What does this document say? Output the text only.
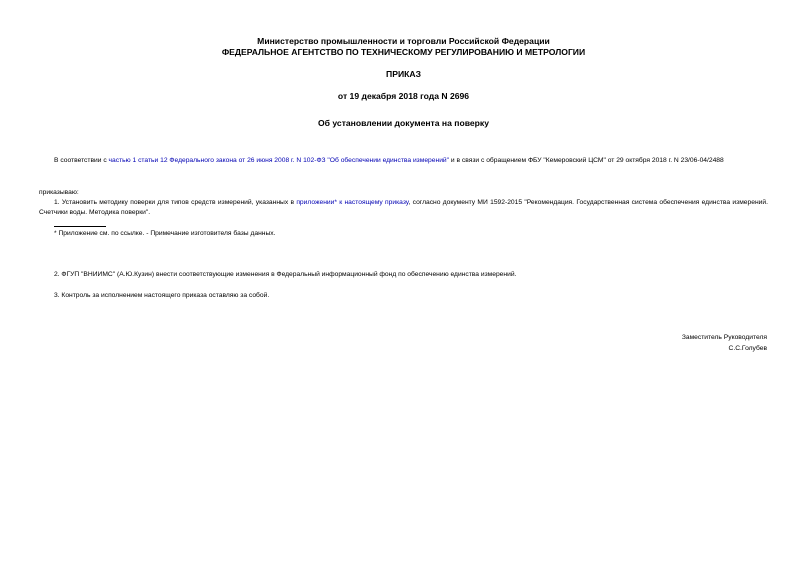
Министерство промышленности и торговли Российской Федерации
ФЕДЕРАЛЬНОЕ АГЕНТСТВО ПО ТЕХНИЧЕСКОМУ РЕГУЛИРОВАНИЮ И МЕТРОЛОГИИ
ПРИКАЗ
от 19 декабря 2018 года N 2696
Об установлении документа на поверку
В соответствии с частью 1 статьи 12 Федерального закона от 26 июня 2008 г. N 102-ФЗ "Об обеспечении единства измерений" и в связи с обращением ФБУ "Кемеровский ЦСМ" от 29 октября 2018 г. N 23/06-04/2488
приказываю:
1. Установить методику поверки для типов средств измерений, указанных в приложении* к настоящему приказу, согласно документу МИ 1592-2015 "Рекомендация. Государственная система обеспечения единства измерений. Счетчики воды. Методика поверки".
* Приложение см. по ссылке. - Примечание изготовителя базы данных.
2. ФГУП "ВНИИМС" (А.Ю.Кузин) внести соответствующие изменения в Федеральный информационный фонд по обеспечению единства измерений.
3. Контроль за исполнением настоящего приказа оставляю за собой.
Заместитель Руководителя
С.С.Голубев
